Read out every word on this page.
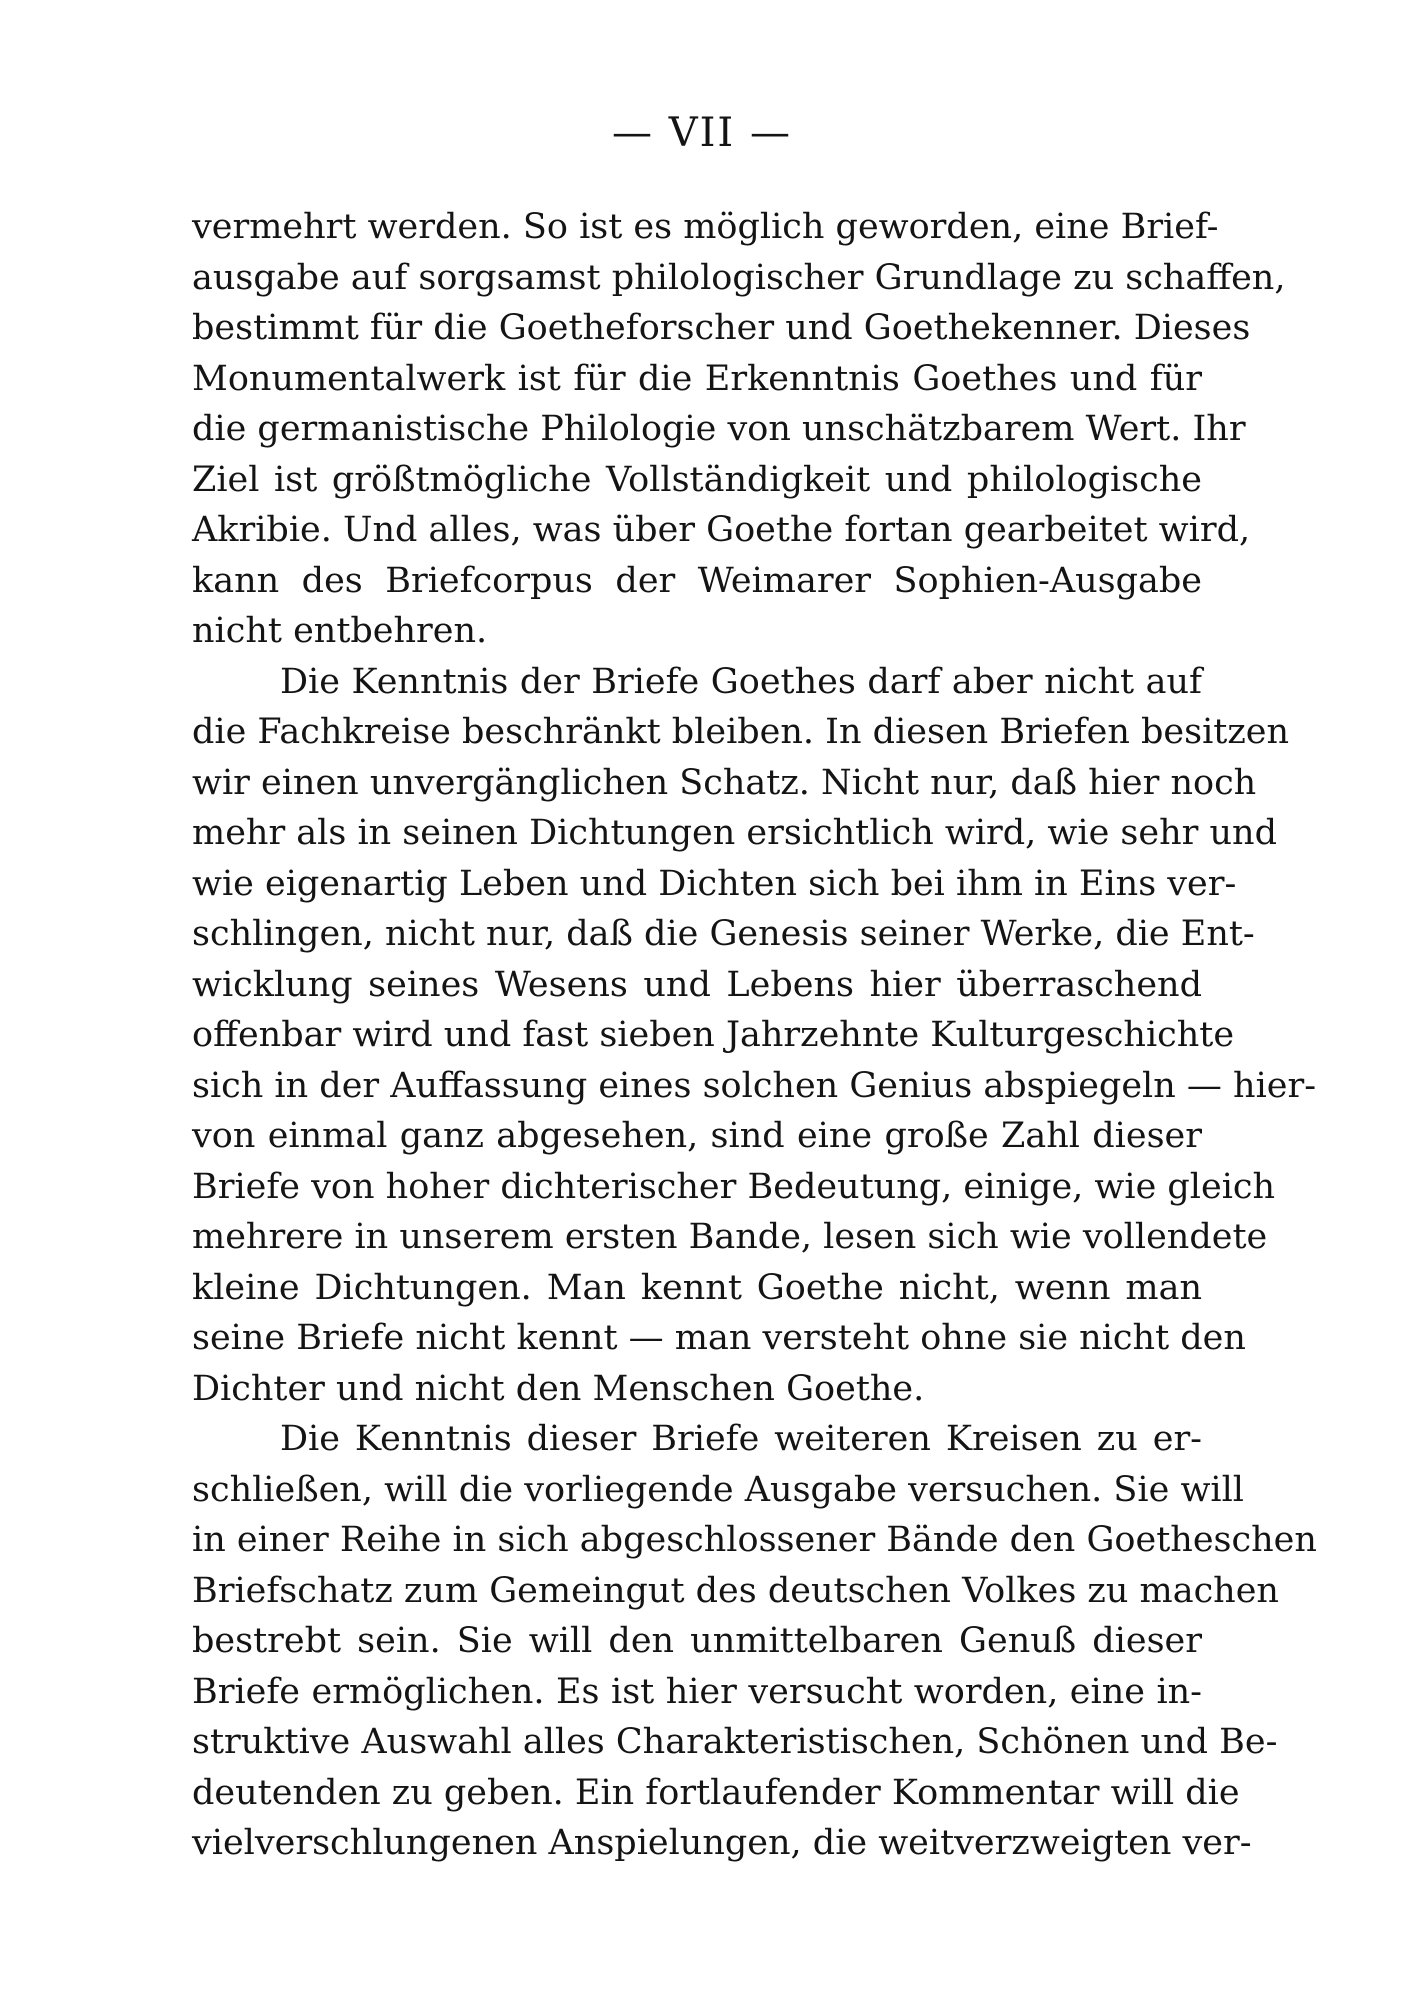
— VII —
vermehrt werden. So ist es möglich geworden, eine Brief-
ausgabe auf sorgsamst philologischer Grundlage zu schaffen,
bestimmt für die Goetheforscher und Goethekenner. Dieses
Monumentalwerk ist für die Erkenntnis Goethes und für
die germanistische Philologie von unschätzbarem Wert. Ihr
Ziel ist größtmögliche Vollständigkeit und philologische
Akribie. Und alles, was über Goethe fortan gearbeitet wird,
kann des Briefcorpus der Weimarer Sophien-Ausgabe
nicht entbehren.
Die Kenntnis der Briefe Goethes darf aber nicht auf
die Fachkreise beschränkt bleiben. In diesen Briefen besitzen
wir einen unvergänglichen Schatz. Nicht nur, daß hier noch
mehr als in seinen Dichtungen ersichtlich wird, wie sehr und
wie eigenartig Leben und Dichten sich bei ihm in Eins ver-
schlingen, nicht nur, daß die Genesis seiner Werke, die Ent-
wicklung seines Wesens und Lebens hier überraschend
offenbar wird und fast sieben Jahrzehnte Kulturgeschichte
sich in der Auffassung eines solchen Genius abspiegeln — hier-
von einmal ganz abgesehen, sind eine große Zahl dieser
Briefe von hoher dichterischer Bedeutung, einige, wie gleich
mehrere in unserem ersten Bande, lesen sich wie vollendete
kleine Dichtungen. Man kennt Goethe nicht, wenn man
seine Briefe nicht kennt — man versteht ohne sie nicht den
Dichter und nicht den Menschen Goethe.
Die Kenntnis dieser Briefe weiteren Kreisen zu er-
schließen, will die vorliegende Ausgabe versuchen. Sie will
in einer Reihe in sich abgeschlossener Bände den Goetheschen
Briefschatz zum Gemeingut des deutschen Volkes zu machen
bestrebt sein. Sie will den unmittelbaren Genuß dieser
Briefe ermöglichen. Es ist hier versucht worden, eine in-
struktive Auswahl alles Charakteristischen, Schönen und Be-
deutenden zu geben. Ein fortlaufender Kommentar will die
vielverschlungenen Anspielungen, die weitverzweigten ver-
